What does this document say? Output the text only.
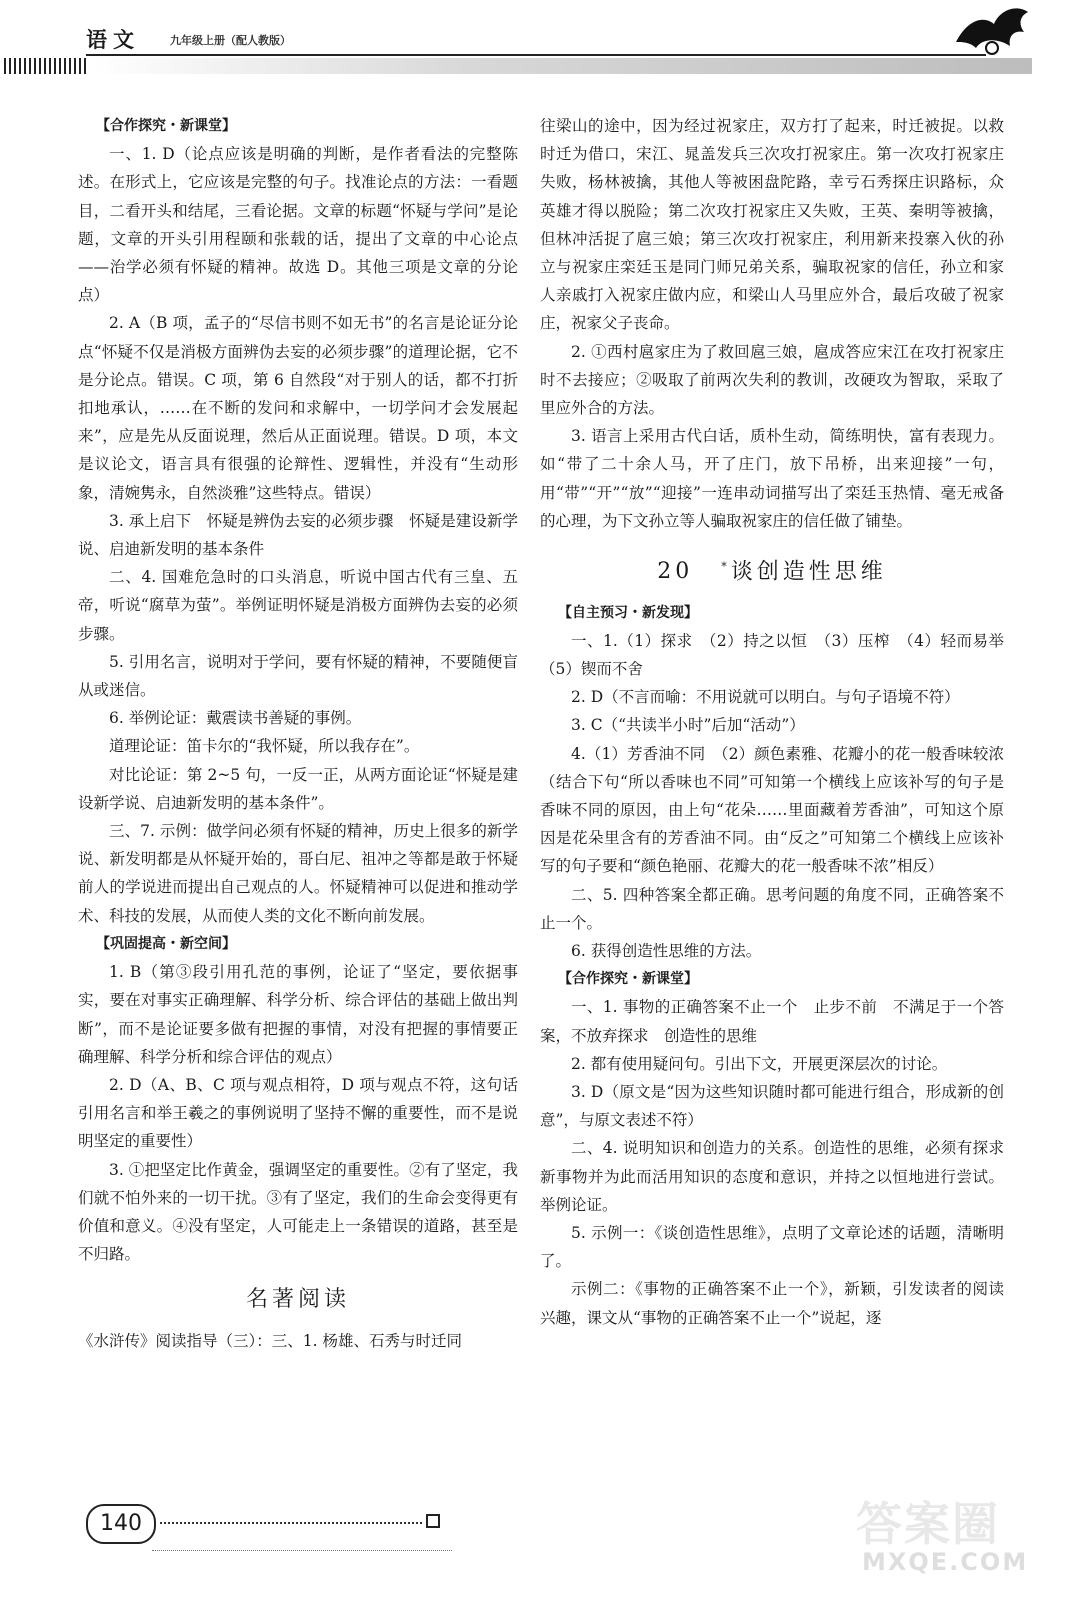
语文	九年级上册（配人教版）

【合作探究・新课堂】

一、1. D（论点应该是明确的判断，是作者看法的完整陈述。在形式上，它应该是完整的句子。找准论点的方法：一看题目，二看开头和结尾，三看论据。文章的标题“怀疑与学问”是论题，文章的开头引用程颐和张载的话，提出了文章的中心论点——治学必须有怀疑的精神。故选 D。其他三项是文章的分论点）

2. A（B 项，孟子的“尽信书则不如无书”的名言是论证分论点“怀疑不仅是消极方面辨伪去妄的必须步骤”的道理论据，它不是分论点。错误。C 项，第 6 自然段“对于别人的话，都不打折扣地承认，……在不断的发问和求解中，一切学问才会发展起来”，应是先从反面说理，然后从正面说理。错误。D 项，本文是议论文，语言具有很强的论辩性、逻辑性，并没有“生动形象，清婉隽永，自然淡雅”这些特点。错误）

3. 承上启下　怀疑是辨伪去妄的必须步骤　怀疑是建设新学说、启迪新发明的基本条件

二、4. 国难危急时的口头消息，听说中国古代有三皇、五帝，听说“腐草为萤”。举例证明怀疑是消极方面辨伪去妄的必须步骤。

5. 引用名言，说明对于学问，要有怀疑的精神，不要随便盲从或迷信。

6. 举例论证：戴震读书善疑的事例。

道理论证：笛卡尔的“我怀疑，所以我存在”。

对比论证：第 2~5 句，一反一正，从两方面论证“怀疑是建设新学说、启迪新发明的基本条件”。

三、7. 示例：做学问必须有怀疑的精神，历史上很多的新学说、新发明都是从怀疑开始的，哥白尼、祖冲之等都是敢于怀疑前人的学说进而提出自己观点的人。怀疑精神可以促进和推动学术、科技的发展，从而使人类的文化不断向前发展。

【巩固提高・新空间】

1. B（第③段引用孔范的事例，论证了“坚定，要依据事实，要在对事实正确理解、科学分析、综合评估的基础上做出判断”，而不是论证要多做有把握的事情，对没有把握的事情要正确理解、科学分析和综合评估的观点）

2. D（A、B、C 项与观点相符，D 项与观点不符，这句话引用名言和举王羲之的事例说明了坚持不懈的重要性，而不是说明坚定的重要性）

3. ①把坚定比作黄金，强调坚定的重要性。②有了坚定，我们就不怕外来的一切干扰。③有了坚定，我们的生命会变得更有价值和意义。④没有坚定，人可能走上一条错误的道路，甚至是不归路。

名著阅读

《水浒传》阅读指导（三）：三、1. 杨雄、石秀与时迁同

往梁山的途中，因为经过祝家庄，双方打了起来，时迁被捉。以救时迁为借口，宋江、晁盖发兵三次攻打祝家庄。第一次攻打祝家庄失败，杨林被擒，其他人等被困盘陀路，幸亏石秀探庄识路标，众英雄才得以脱险；第二次攻打祝家庄又失败，王英、秦明等被擒，但林冲活捉了扈三娘；第三次攻打祝家庄，利用新来投寨入伙的孙立与祝家庄栾廷玉是同门师兄弟关系，骗取祝家的信任，孙立和家人亲戚打入祝家庄做内应，和梁山人马里应外合，最后攻破了祝家庄，祝家父子丧命。

2. ①西村扈家庄为了救回扈三娘，扈成答应宋江在攻打祝家庄时不去接应；②吸取了前两次失利的教训，改硬攻为智取，采取了里应外合的方法。

3. 语言上采用古代白话，质朴生动，简练明快，富有表现力。如“带了二十余人马，开了庄门，放下吊桥，出来迎接”一句，用“带”“开”“放”“迎接”一连串动词描写出了栾廷玉热情、毫无戒备的心理，为下文孙立等人骗取祝家庄的信任做了铺垫。

20	*谈创造性思维

【自主预习・新发现】

一、1.（1）探求　（2）持之以恒　（3）压榨　（4）轻而易举　（5）锲而不舍

2. D（不言而喻：不用说就可以明白。与句子语境不符）

3. C（“共读半小时”后加“活动”）

4.（1）芳香油不同　（2）颜色素雅、花瓣小的花一般香味较浓（结合下句“所以香味也不同”可知第一个横线上应该补写的句子是香味不同的原因，由上句“花朵……里面藏着芳香油”，可知这个原因是花朵里含有的芳香油不同。由“反之”可知第二个横线上应该补写的句子要和“颜色艳丽、花瓣大的花一般香味不浓”相反）

二、5. 四种答案全都正确。思考问题的角度不同，正确答案不止一个。

6. 获得创造性思维的方法。

【合作探究・新课堂】

一、1. 事物的正确答案不止一个　止步不前　不满足于一个答案，不放弃探求　创造性的思维

2. 都有使用疑问句。引出下文，开展更深层次的讨论。

3. D（原文是“因为这些知识随时都可能进行组合，形成新的创意”，与原文表述不符）

二、4. 说明知识和创造力的关系。创造性的思维，必须有探求新事物并为此而活用知识的态度和意识，并持之以恒地进行尝试。举例论证。

5. 示例一：《谈创造性思维》，点明了文章论述的话题，清晰明了。

示例二：《事物的正确答案不止一个》，新颖，引发读者的阅读兴趣，课文从“事物的正确答案不止一个”说起，逐

140	答案圈
MXQE.COM
